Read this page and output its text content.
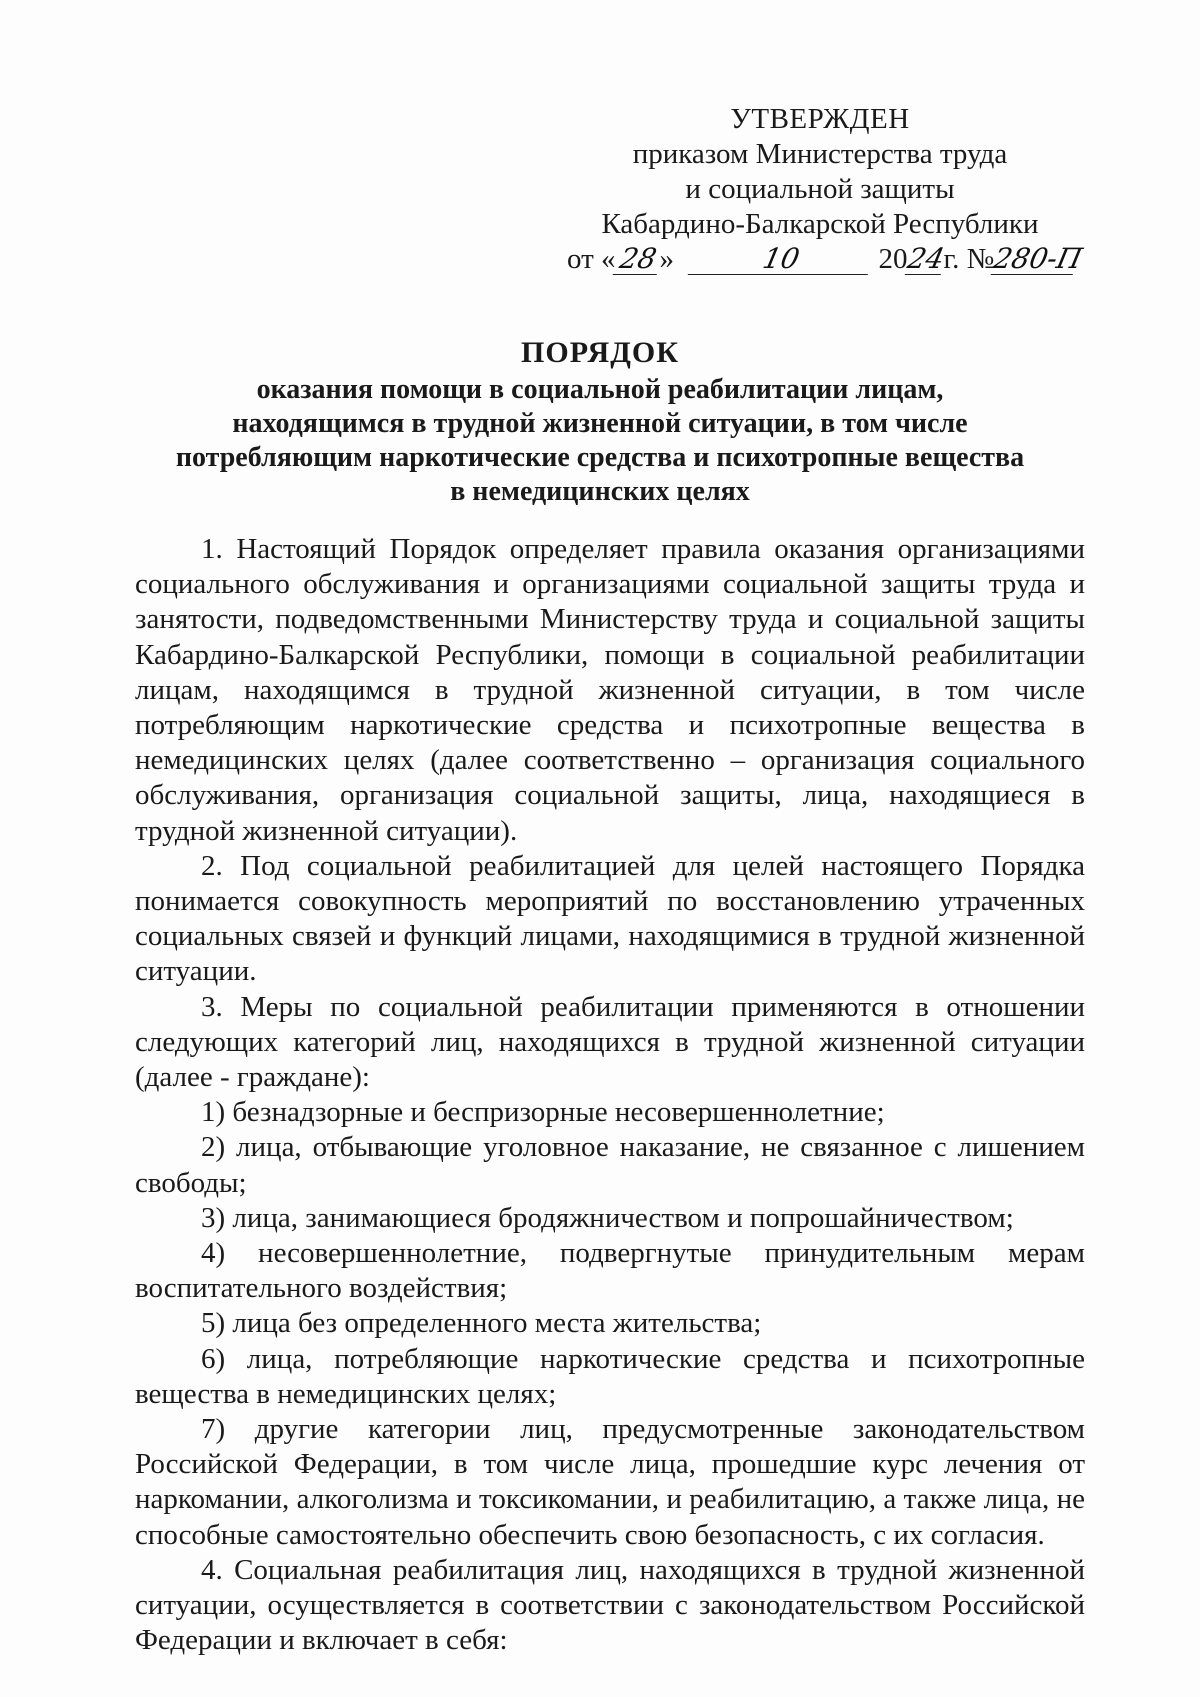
УТВЕРЖДЕН
приказом Министерства труда
и социальной защиты
Кабардино-Балкарской Республики
от «28»	10	2024г. №280-П
ПОРЯДОК
оказания помощи в социальной реабилитации лицам,
находящимся в трудной жизненной ситуации, в том числе
потребляющим наркотические средства и психотропные вещества
в немедицинских целях

1. Настоящий Порядок определяет правила оказания организациями социального обслуживания и организациями социальной защиты труда и занятости, подведомственными Министерству труда и социальной защиты Кабардино-Балкарской Республики, помощи в социальной реабилитации лицам, находящимся в трудной жизненной ситуации, в том числе потребляющим наркотические средства и психотропные вещества в немедицинских целях (далее соответственно – организация социального обслуживания, организация социальной защиты, лица, находящиеся в трудной жизненной ситуации).

2. Под социальной реабилитацией для целей настоящего Порядка понимается совокупность мероприятий по восстановлению утраченных социальных связей и функций лицами, находящимися в трудной жизненной ситуации.

3. Меры по социальной реабилитации применяются в отношении следующих категорий лиц, находящихся в трудной жизненной ситуации (далее - граждане):

1) безнадзорные и беспризорные несовершеннолетние;

2) лица, отбывающие уголовное наказание, не связанное с лишением свободы;

3) лица, занимающиеся бродяжничеством и попрошайничеством;

4) несовершеннолетние, подвергнутые принудительным мерам воспитательного воздействия;

5) лица без определенного места жительства;

6) лица, потребляющие наркотические средства и психотропные вещества в немедицинских целях;

7) другие категории лиц, предусмотренные законодательством Российской Федерации, в том числе лица, прошедшие курс лечения от наркомании, алкоголизма и токсикомании, и реабилитацию, а также лица, не способные самостоятельно обеспечить свою безопасность, с их согласия.

4. Социальная реабилитация лиц, находящихся в трудной жизненной ситуации, осуществляется в соответствии с законодательством Российской Федерации и включает в себя:
